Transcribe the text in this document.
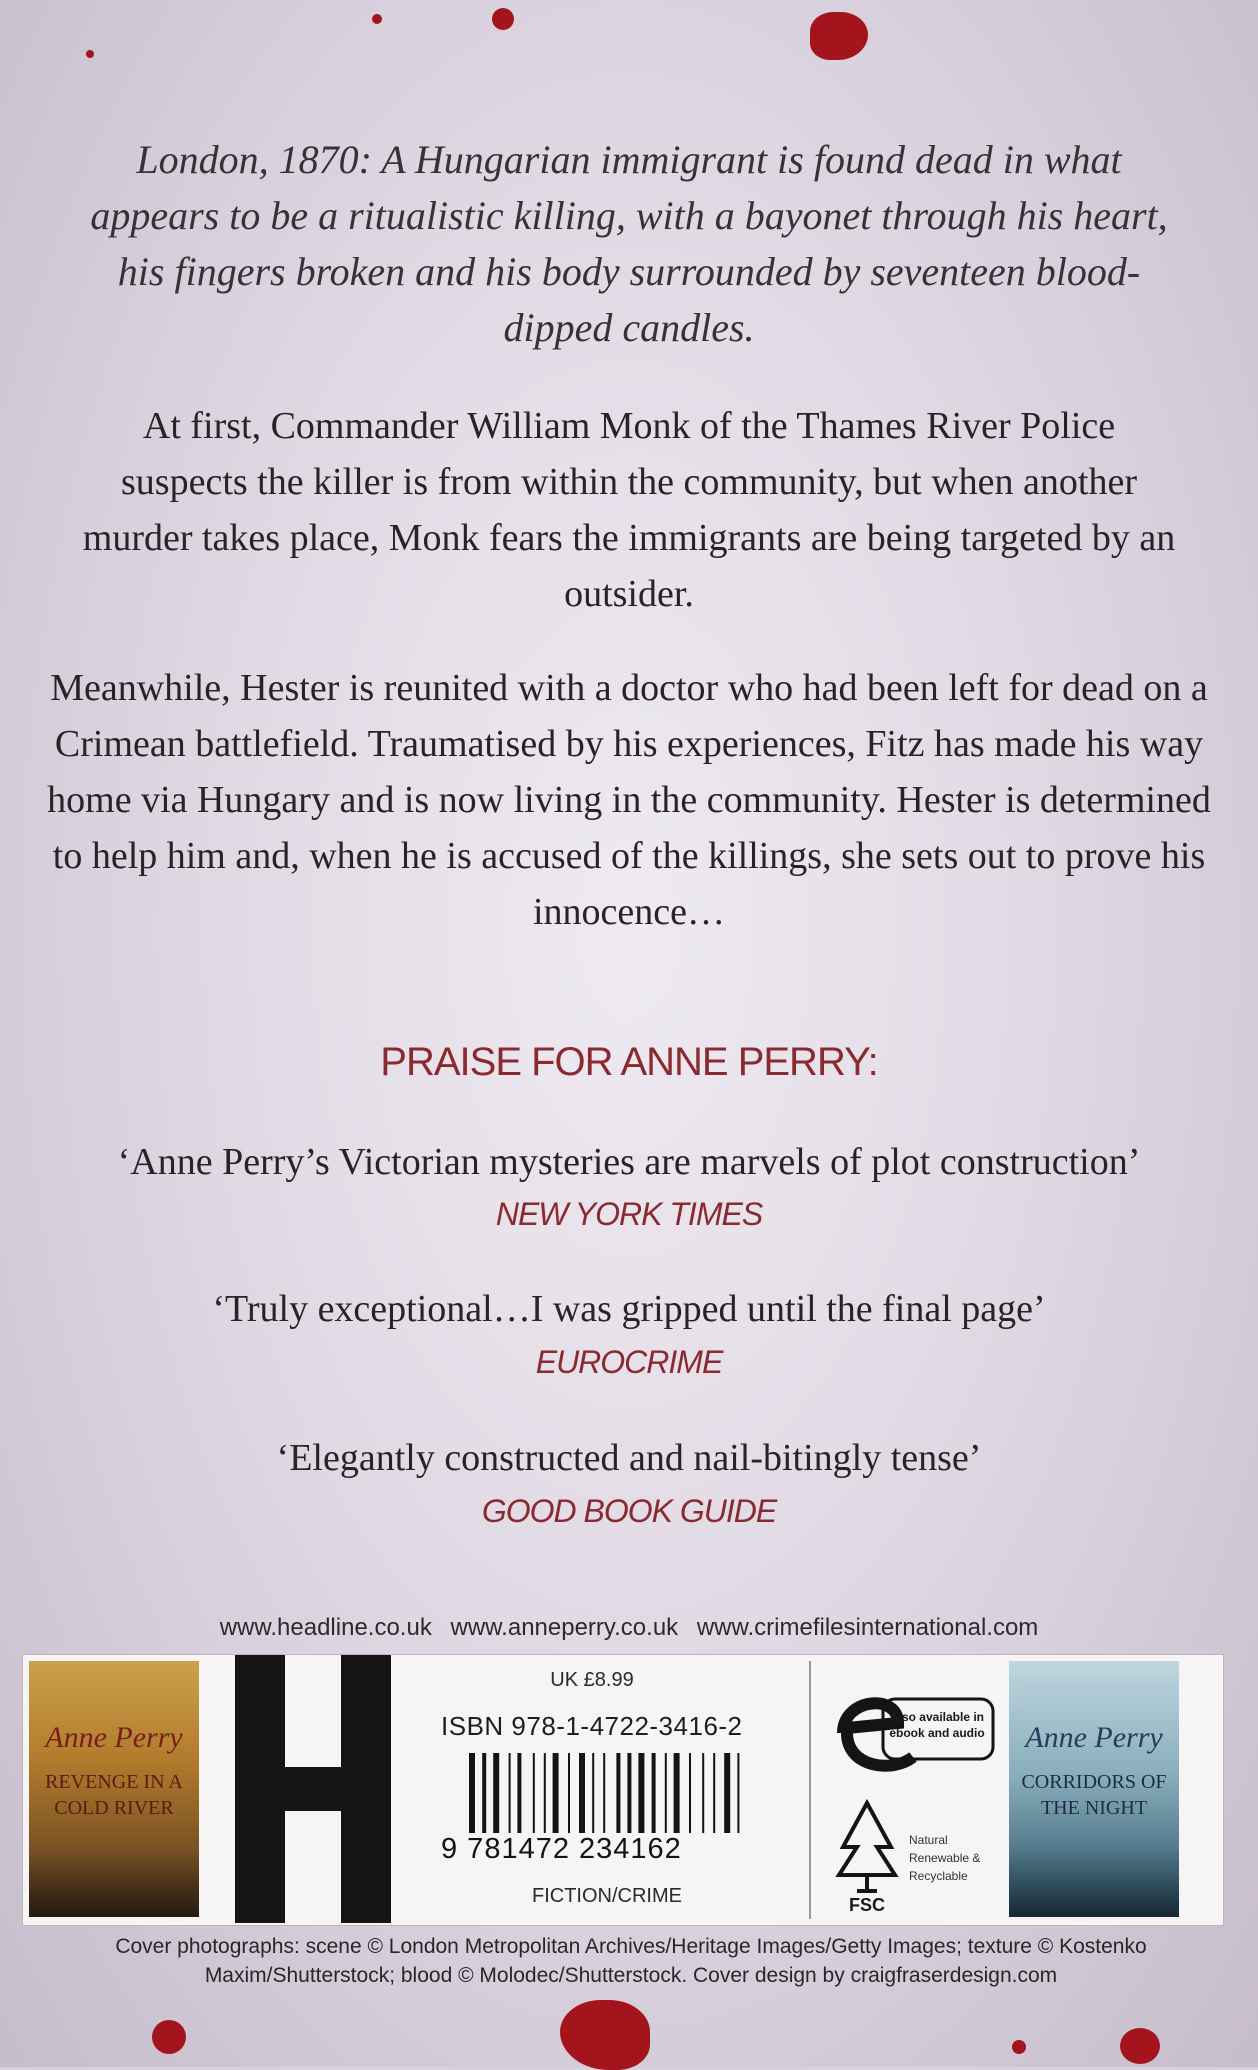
London, 1870: A Hungarian immigrant is found dead in what appears to be a ritualistic killing, with a bayonet through his heart, his fingers broken and his body surrounded by seventeen blood-dipped candles.

At first, Commander William Monk of the Thames River Police suspects the killer is from within the community, but when another murder takes place, Monk fears the immigrants are being targeted by an outsider.

Meanwhile, Hester is reunited with a doctor who had been left for dead on a Crimean battlefield. Traumatised by his experiences, Fitz has made his way home via Hungary and is now living in the community. Hester is determined to help him and, when he is accused of the killings, she sets out to prove his innocence…

PRAISE FOR ANNE PERRY:
‘Anne Perry’s Victorian mysteries are marvels of plot construction’
NEW YORK TIMES
‘Truly exceptional…I was gripped until the final page’
EUROCRIME
‘Elegantly constructed and nail-bitingly tense’
GOOD BOOK GUIDE
www.headline.co.uk www.anneperry.co.uk www.crimefilesinternational.com
Anne Perry
REVENGE IN A COLD RIVER
UK £8.99
ISBN 978-1-4722-3416-2
9 781472 234162
FICTION/CRIME
Also available in ebook and audio
FSC
Natural Renewable & Recyclable
Anne Perry
CORRIDORS OF THE NIGHT
Cover photographs: scene © London Metropolitan Archives/Heritage Images/Getty Images; texture © Kostenko Maxim/Shutterstock; blood © Molodec/Shutterstock. Cover design by craigfraserdesign.com
